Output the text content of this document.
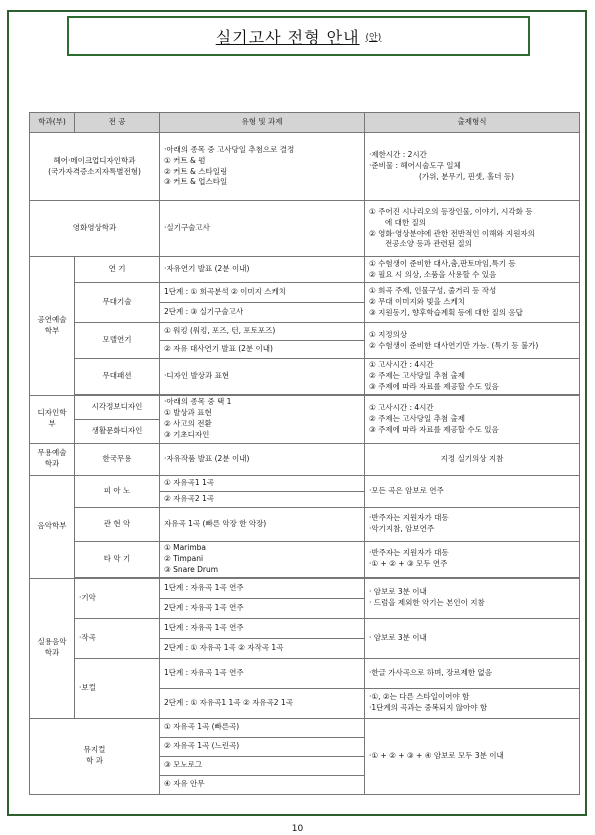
실기고사 전형 안내 (안)
학과(부)	전 공	유형 및 과제	출제형식

헤어·메이크업디자인학과
(국가자격증소지자특별전형)		·아래의 종목 중 고사당일 추첨으로 결정
① 커트 & 펌
② 커트 & 스타일링
③ 커트 & 업스타일	·제한시간 : 2시간
·준비물 : 헤어시술도구 일체
(가위, 분무기, 핀셋, 홀더 등)

영화영상학과		·실기구술고사	① 주어진 시나리오의 등장인물, 이야기, 시각화 등
에 대한 질의
② 영화·영상분야에 관한 전반적인 이해와 지원자의
전공소양 등과 관련된 질의

공연예술학부	연 기	·자유연기 발표 (2분 이내)	① 수험생이 준비한 대사,춤,판토마임,특기 등
② 필요 시 의상, 소품을 사용할 수 있음

	무대기술	1단계 : ① 희곡분석 ② 이미지 스케치	① 희곡 주제, 인물구성, 줄거리 등 작성
② 무대 이미지와 빛을 스케치
③ 지원동기, 향후학습계획 등에 대한 질의 응답

		2단계 : ③ 실기구술고사	
	모델연기	① 워킹 (워킹, 포즈, 턴, 포토포즈)	① 지정의상
② 수험생이 준비한 대사연기만 가능. (특기 등 불가)

		② 자유 대사연기 발표 (2분 이내)	
	무대패션	·디자인 발상과 표현	① 고사시간 : 4시간
② 주제는 고사당일 추첨 출제
③ 주제에 따라 자료를 제공할 수도 있음

디자인학 부	시각정보디자인	·아래의 종목 중 택 1
① 발상과 표현
② 사고의 전환
③ 기초디자인	① 고사시간 : 4시간
② 주제는 고사당일 추첨 출제
③ 주제에 따라 자료를 제공할 수도 있음

	생활문화디자인		
무용예술학과	한국무용	·자유작품 발표 (2분 이내)	지정 실기의상 지참
음악학부	피 아 노	① 자유곡1 1곡	·모든 곡은 암보로 연주
		② 자유곡2 1곡	
	관 현 악	자유곡 1곡 (빠른 악장 한 악장)	·반주자는 지원자가 대동
·악기지참, 암보연주

	타 악 기	① Marimba
② Timpani
③ Snare Drum	·반주자는 지원자가 대동
·① + ② + ③ 모두 연주

실용음악학과	·기악	1단계 : 자유곡 1곡 연주	· 암보로 3분 이내
· 드럼을 제외한 악기는 본인이 지참

		2단계 : 자유곡 1곡 연주	
	·작곡	1단계 : 자유곡 1곡 연주	· 암보로 3분 이내
		2단계 : ① 자유곡 1곡 ② 자작곡 1곡	
	·보컬	1단계 : 자유곡 1곡 연주	·한글 가사곡으로 하며, 장르제한 없음
		2단계 : ① 자유곡1 1곡 ② 자유곡2 1곡	·①, ②는 다른 스타일이어야 함
·1단계의 곡과는 중복되지 않아야 함

뮤지컬
학 과		① 자유곡 1곡 (빠른곡)	·① + ② + ③ + ④ 암보로 모두 3분 이내
		② 자유곡 1곡 (느린곡)	
		③ 모노로그	
		④ 자유 안무	
10
